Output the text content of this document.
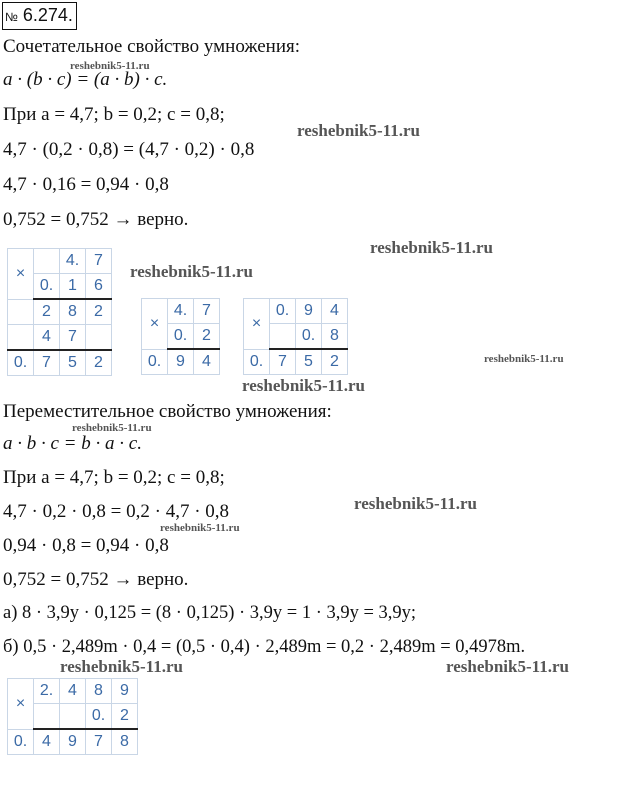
№ 6.274.
Сочетательное свойство умножения:
a · (b · c) = (a · b) · c.
При a = 4,7; b = 0,2; c = 0,8;
4,7 · (0,2 · 0,8) = (4,7 · 0,2) · 0,8
4,7 · 0,16 = 0,94 · 0,8
0,752 = 0,752 → верно.
×		4.	7
	0.	1	6
	2	8	2
	4	7	
0.	7	5	2
×	4.	7
	0.	2
0.	9	4
×	0.	9	4
		0.	8
0.	7	5	2
Переместительное свойство умножения:
a · b · c = b · a · c.
При a = 4,7; b = 0,2; c = 0,8;
4,7 · 0,2 · 0,8 = 0,2 · 4,7 · 0,8
0,94 · 0,8 = 0,94 · 0,8
0,752 = 0,752 → верно.
а) 8 · 3,9y · 0,125 = (8 · 0,125) · 3,9y = 1 · 3,9y = 3,9y;
б) 0,5 · 2,489m · 0,4 = (0,5 · 0,4) · 2,489m = 0,2 · 2,489m = 0,4978m.
×	2.	4	8	9
			0.	2
0.	4	9	7	8
reshebnik5-11.ru
reshebnik5-11.ru
reshebnik5-11.ru
reshebnik5-11.ru
reshebnik5-11.ru
reshebnik5-11.ru
reshebnik5-11.ru
reshebnik5-11.ru
reshebnik5-11.ru
reshebnik5-11.ru	reshebnik5-11.ru
